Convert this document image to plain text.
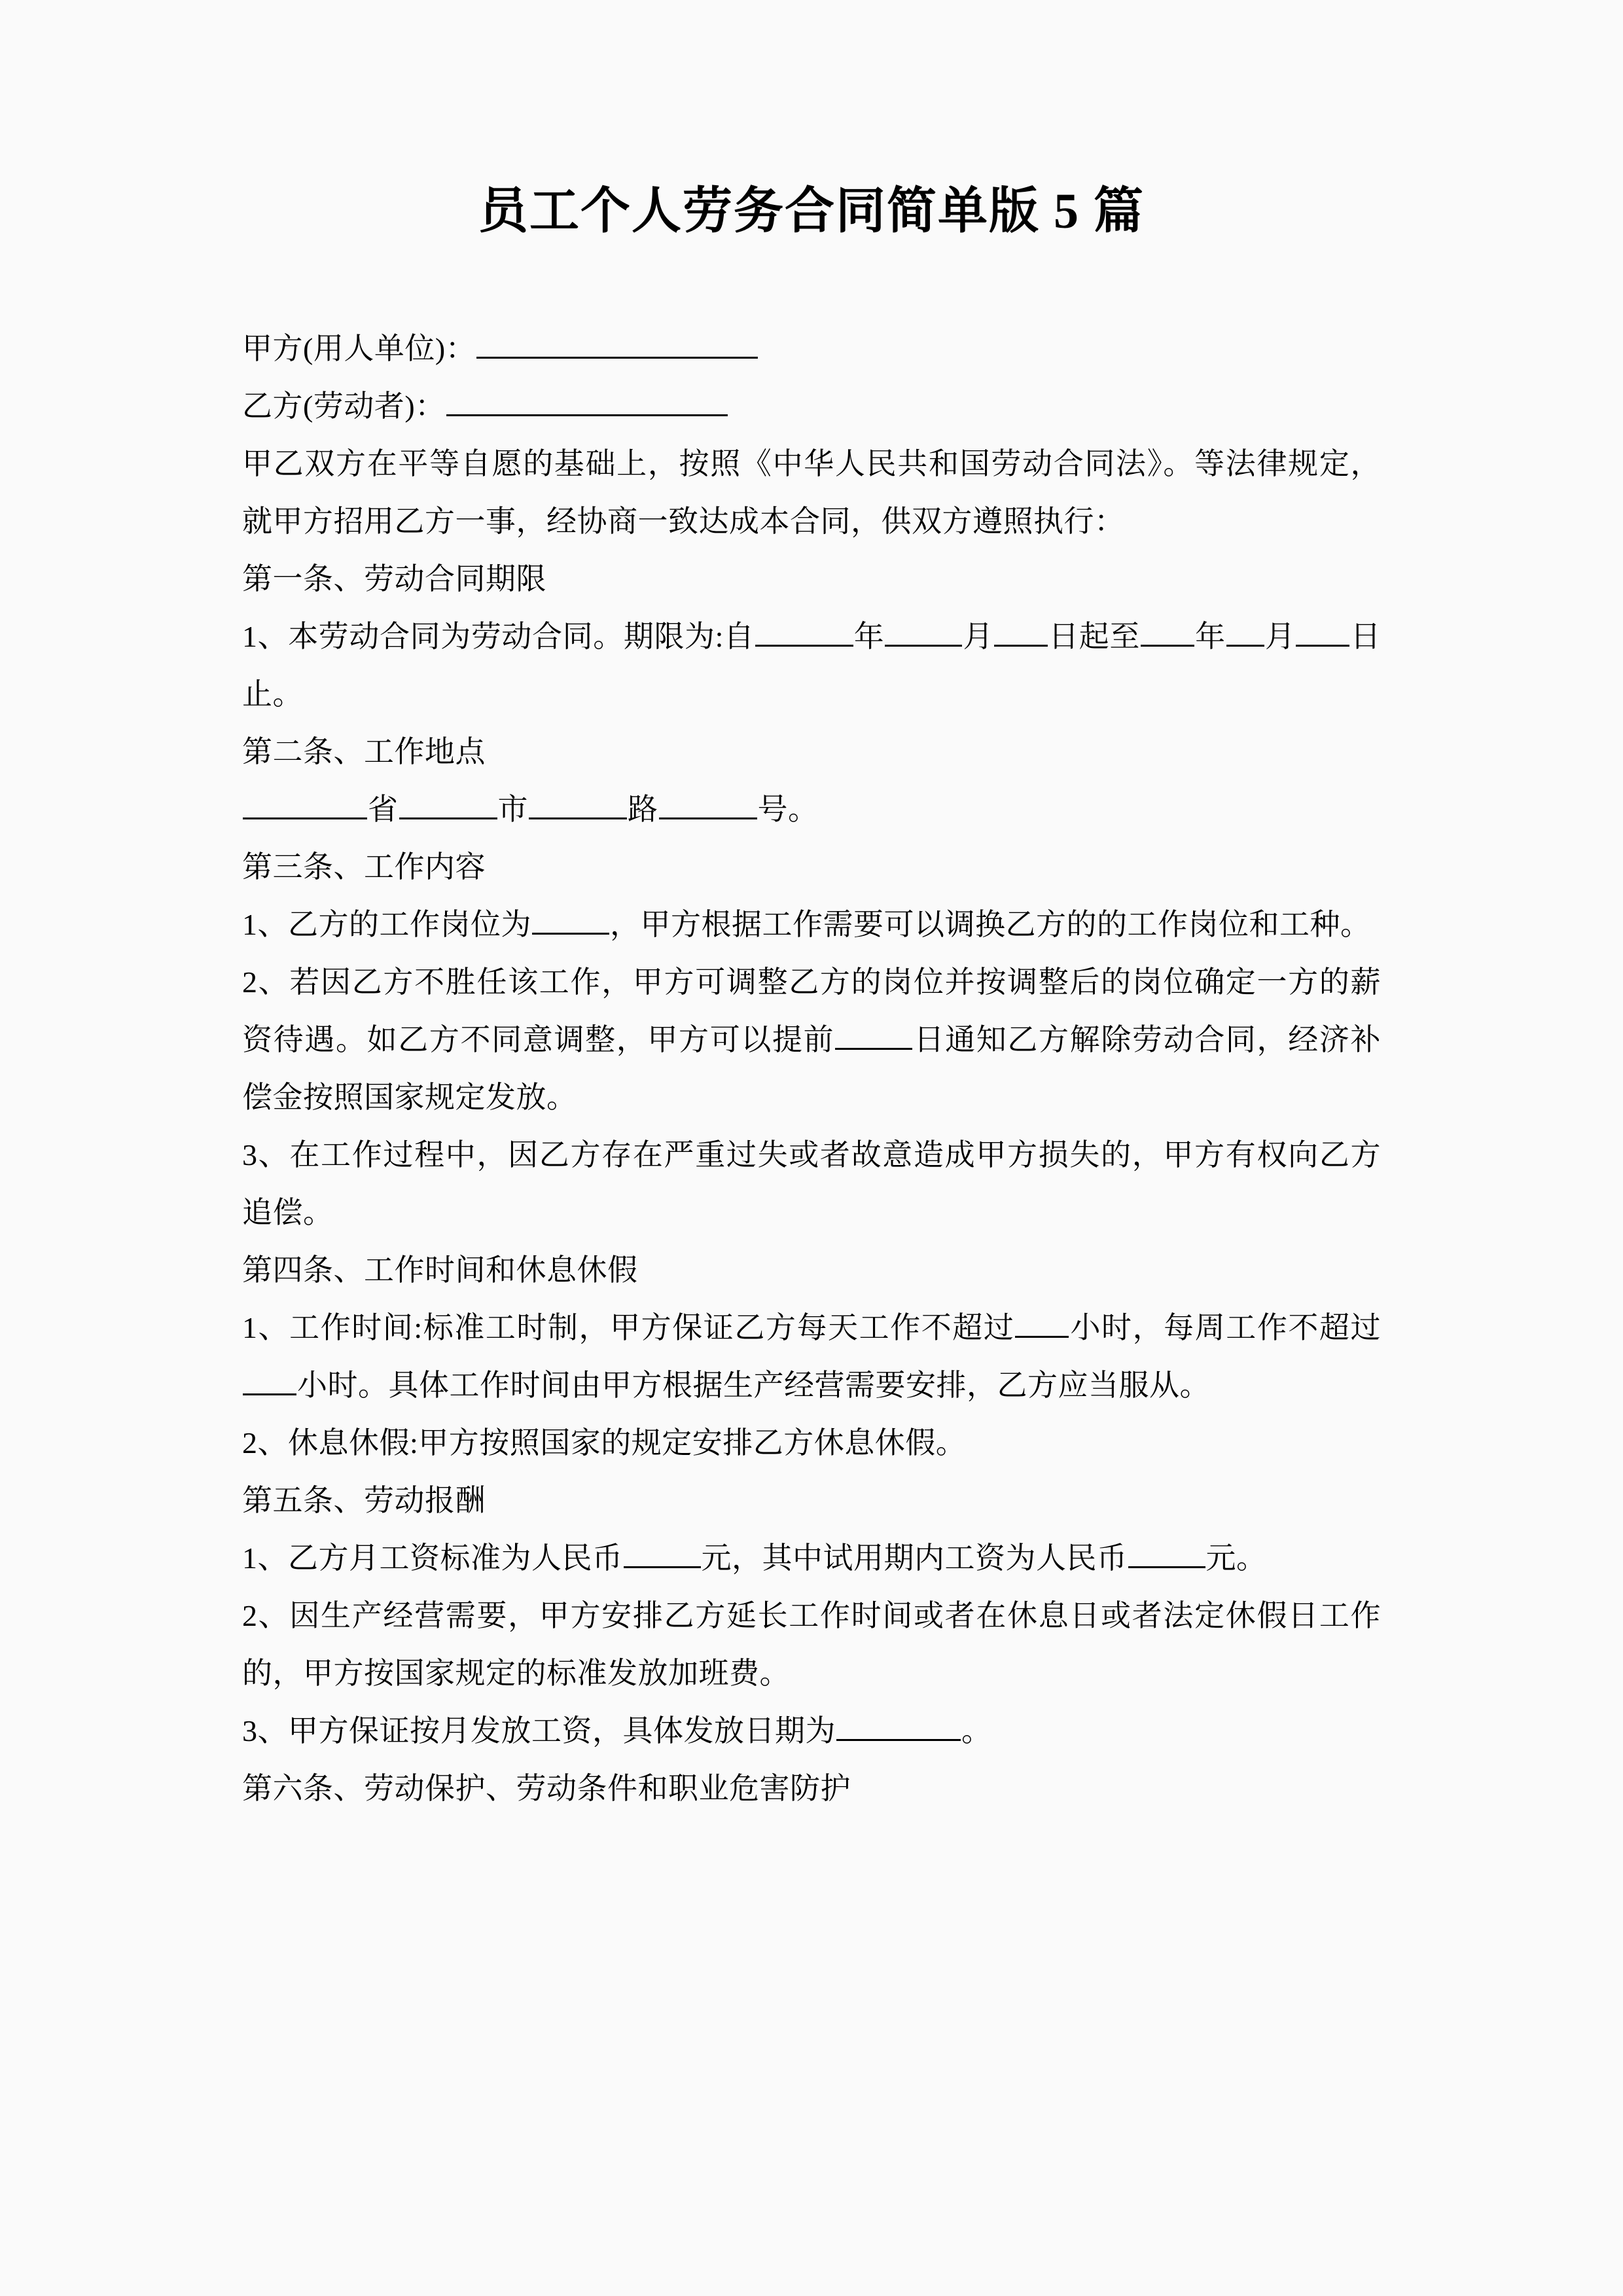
员工个人劳务合同简单版 5 篇

甲方(用人单位)：

乙方(劳动者)：

甲乙双方在平等自愿的基础上，按照《中华人民共和国劳动合同法》。等法律规定，就甲方招用乙方一事，经协商一致达成本合同，供双方遵照执行：

第一条、劳动合同期限

1、本劳动合同为劳动合同。期限为:自	年	月 日起至 年 月 日止。

第二条、工作地点

省	市	路	号。

第三条、工作内容

1、乙方的工作岗位为	，甲方根据工作需要可以调换乙方的的工作岗位和工种。

2、若因乙方不胜任该工作，甲方可调整乙方的岗位并按调整后的岗位确定一方的薪资待遇。如乙方不同意调整，甲方可以提前	日通知乙方解除劳动合同，经济补偿金按照国家规定发放。

3、在工作过程中，因乙方存在严重过失或者故意造成甲方损失的，甲方有权向乙方追偿。

第四条、工作时间和休息休假

1、工作时间:标准工时制，甲方保证乙方每天工作不超过 小时，每周工作不超过小时。具体工作时间由甲方根据生产经营需要安排，乙方应当服从。

2、休息休假:甲方按照国家的规定安排乙方休息休假。

第五条、劳动报酬

1、乙方月工资标准为人民币	元，其中试用期内工资为人民币	元。

2、因生产经营需要，甲方安排乙方延长工作时间或者在休息日或者法定休假日工作的，甲方按国家规定的标准发放加班费。

3、甲方保证按月发放工资，具体发放日期为	。

第六条、劳动保护、劳动条件和职业危害防护
